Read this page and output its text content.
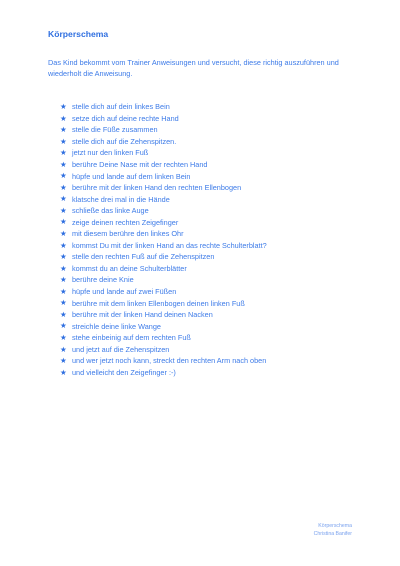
Körperschema

Das Kind bekommt vom Trainer Anweisungen und versucht, diese richtig auszuführen und wiederholt die Anweisung.

★ stelle dich auf dein linkes Bein
★ setze dich auf deine rechte Hand
★ stelle die Füße zusammen
★ stelle dich auf die Zehenspitzen.
★ jetzt nur den linken Fuß
★ berühre Deine Nase mit der rechten Hand
★ hüpfe und lande auf dem linken Bein
★ berühre mit der linken Hand den rechten Ellenbogen
★ klatsche drei mal in die Hände
★ schließe das linke Auge
★ zeige deinen rechten Zeigefinger
★ mit diesem berühre den linkes Ohr
★ kommst Du mit der linken Hand an das rechte Schulterblatt?
★ stelle den rechten Fuß auf die Zehenspitzen
★ kommst du an deine Schulterblätter
★ berühre deine Knie
★ hüpfe und lande auf zwei Füßen
★ berühre mit dem linken Ellenbogen deinen linken Fuß
★ berühre mit der linken Hand deinen Nacken
★ streichle deine linke Wange
★ stehe einbeinig auf dem rechten Fuß
★ und jetzt auf die Zehenspitzen
★ und wer jetzt noch kann, streckt den rechten Arm nach oben
★ und vielleicht den Zeigefinger :-)
Körperschema
Christina Banifer
